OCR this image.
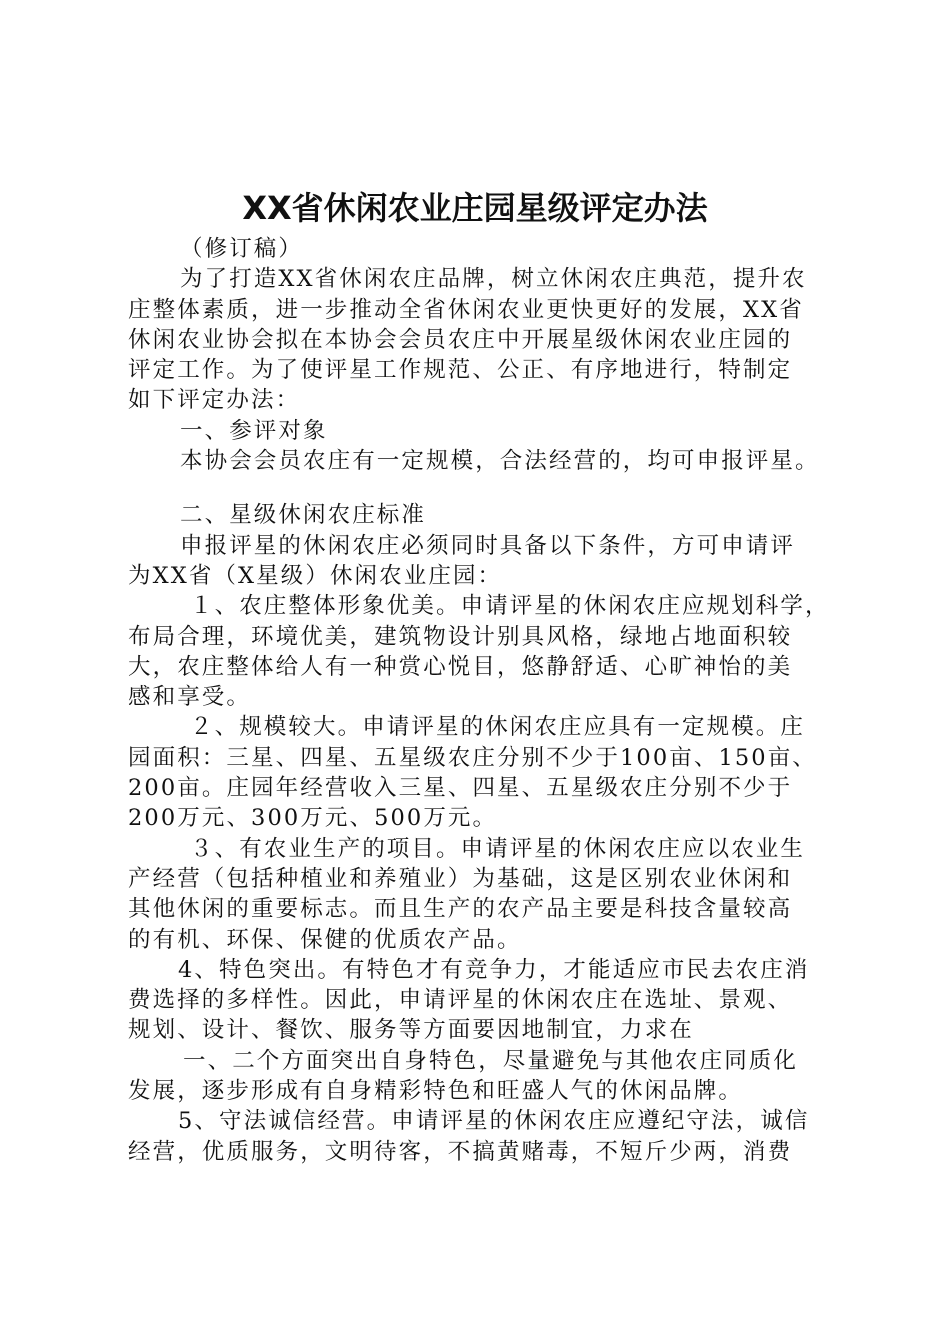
XX省休闲农业庄园星级评定办法
（修订稿）
为了打造XX省休闲农庄品牌，树立休闲农庄典范，提升农
庄整体素质，进一步推动全省休闲农业更快更好的发展，XX省
休闲农业协会拟在本协会会员农庄中开展星级休闲农业庄园的
评定工作。为了使评星工作规范、公正、有序地进行，特制定
如下评定办法：
一、参评对象
本协会会员农庄有一定规模，合法经营的，均可申报评星。
二、星级休闲农庄标准
申报评星的休闲农庄必须同时具备以下条件，方可申请评
为XX省（X星级）休闲农业庄园：
１、农庄整体形象优美。申请评星的休闲农庄应规划科学，
布局合理，环境优美，建筑物设计别具风格，绿地占地面积较
大，农庄整体给人有一种赏心悦目，悠静舒适、心旷神怡的美
感和享受。
２、规模较大。申请评星的休闲农庄应具有一定规模。庄
园面积：三星、四星、五星级农庄分别不少于100亩、150亩、
200亩。庄园年经营收入三星、四星、五星级农庄分别不少于
200万元、300万元、500万元。
３、有农业生产的项目。申请评星的休闲农庄应以农业生
产经营（包括种植业和养殖业）为基础，这是区别农业休闲和
其他休闲的重要标志。而且生产的农产品主要是科技含量较高
的有机、环保、保健的优质农产品。
4、特色突出。有特色才有竞争力，才能适应市民去农庄消
费选择的多样性。因此，申请评星的休闲农庄在选址、景观、
规划、设计、餐饮、服务等方面要因地制宜，力求在
一、二个方面突出自身特色，尽量避免与其他农庄同质化
发展，逐步形成有自身精彩特色和旺盛人气的休闲品牌。
5、守法诚信经营。申请评星的休闲农庄应遵纪守法，诚信
经营，优质服务，文明待客，不搞黄赌毒，不短斤少两，消费
